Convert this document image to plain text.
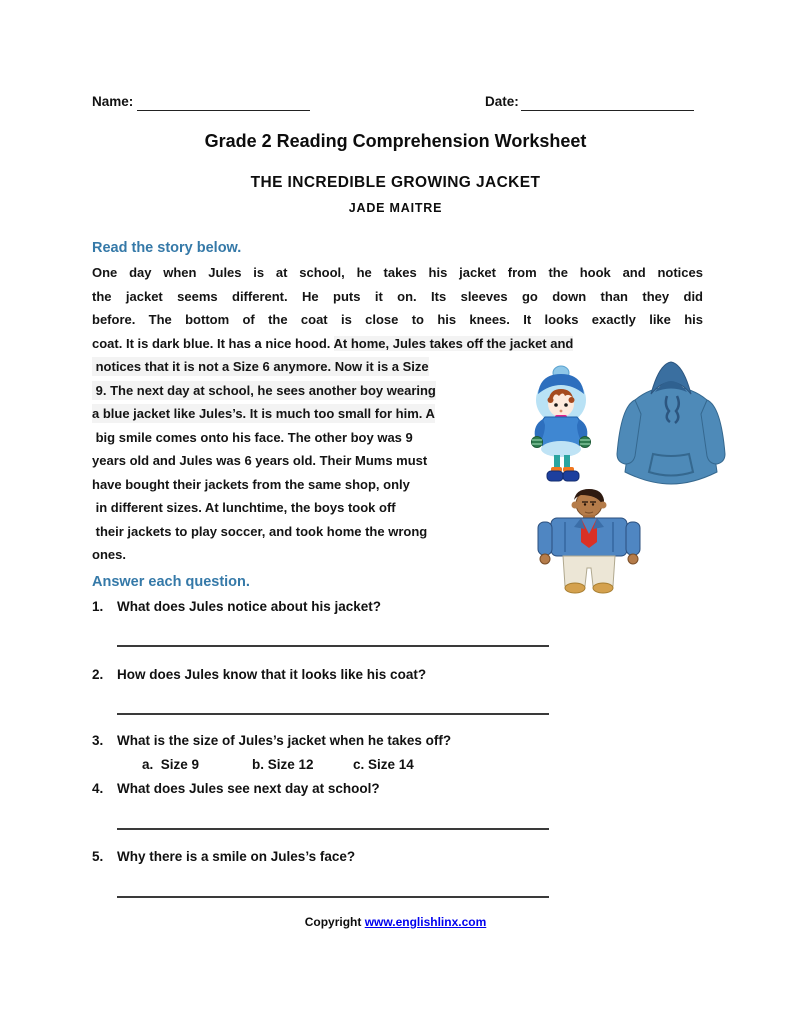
Name:	Date:
Grade 2 Reading Comprehension Worksheet
THE INCREDIBLE GROWING JACKET
JADE MAITRE
Read the story below.
One day when Jules is at school, he takes his jacket from the hook and notices
the jacket seems different. He puts it on. Its sleeves go down than they did
before. The bottom of the coat is close to his knees. It looks exactly like his
coat. It is dark blue. It has a nice hood. At home, Jules takes off the jacket and
notices that it is not a Size 6 anymore. Now it is a Size
9. The next day at school, he sees another boy wearing
a blue jacket like Jules’s. It is much too small for him. A
big smile comes onto his face. The other boy was 9
years old and Jules was 6 years old. Their Mums must
have bought their jackets from the same shop, only
in different sizes. At lunchtime, the boys took off
their jackets to play soccer, and took home the wrong
ones.
Answer each question.
1. What does Jules notice about his jacket?
2. How does Jules know that it looks like his coat?
3. What is the size of Jules’s jacket when he takes off?
a.  Size 9	b. Size 12	c. Size 14
4. What does Jules see next day at school?
5. Why there is a smile on Jules’s face?
Copyright www.englishlinx.com
